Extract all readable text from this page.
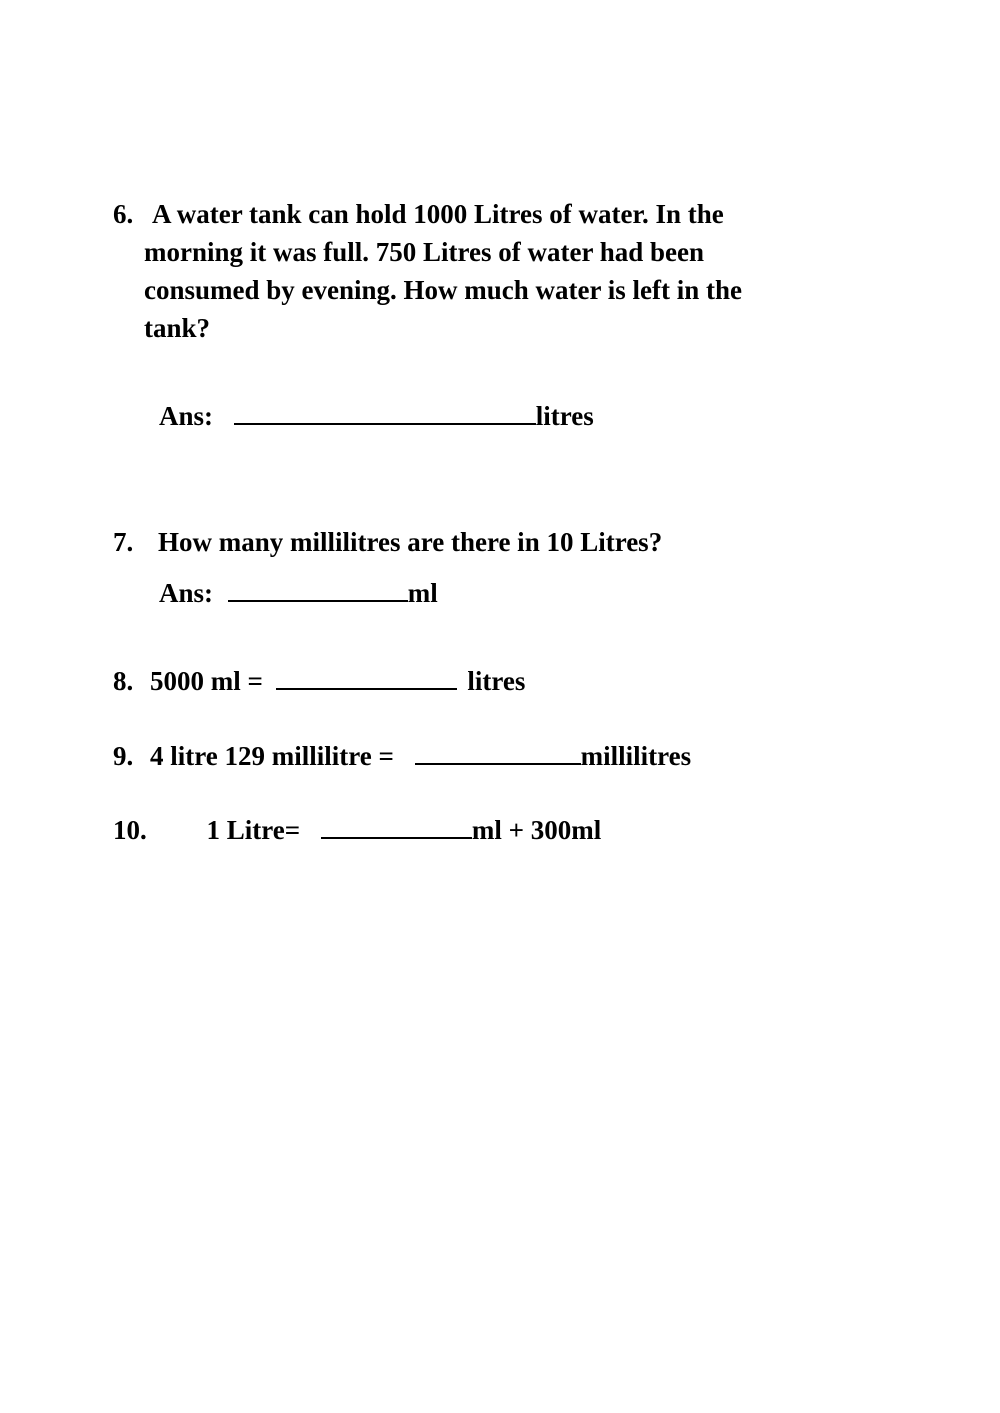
6. A water tank can hold 1000 Litres of water. In the
morning it was full. 750 Litres of water had been
consumed by evening. How much water is left in the
tank?
Ans:	litres
7. How many millilitres are there in 10 Litres?
Ans:	ml
8. 5000 ml =	litres
9. 4 litre 129 millilitre =	millilitres
10. 1 Litre=	ml + 300ml
